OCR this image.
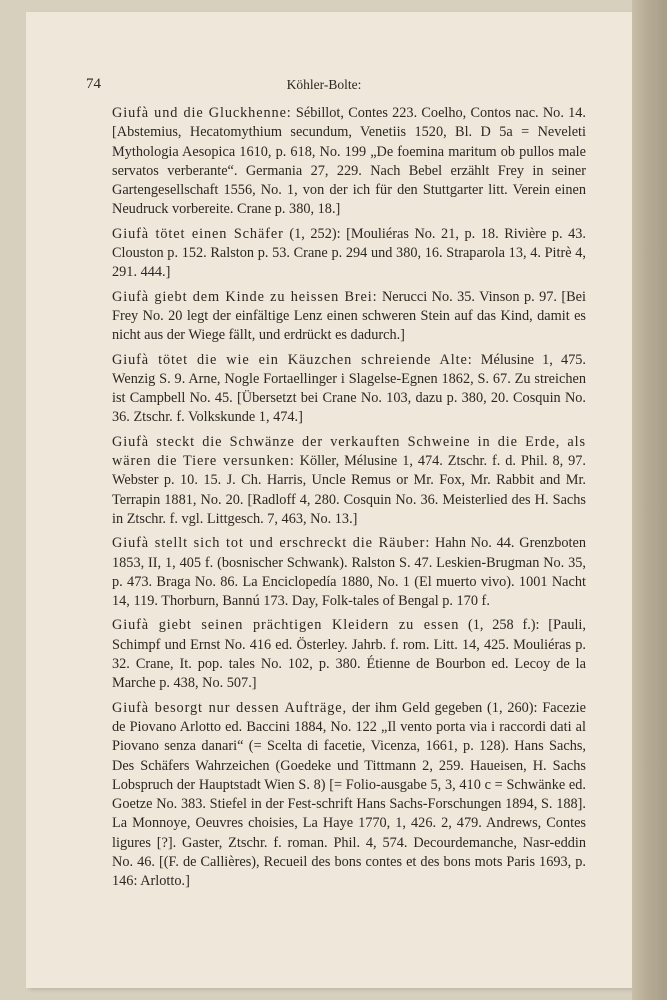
74	Köhler-Bolte:

Giufà und die Gluckhenne: Sébillot, Contes 223. Coelho, Contos nac. No. 14. [Abstemius, Hecatomythium secundum, Venetiis 1520, Bl. D 5a = Neveleti Mythologia Aesopica 1610, p. 618, No. 199 „De foemina maritum ob pullos male servatos verberante“. Germania 27, 229. Nach Bebel erzählt Frey in seiner Gartengesellschaft 1556, No. 1, von der ich für den Stuttgarter litt. Verein einen Neudruck vorbereite. Crane p. 380, 18.]

Giufà tötet einen Schäfer (1, 252): [Mouliéras No. 21, p. 18. Rivière p. 43. Clouston p. 152. Ralston p. 53. Crane p. 294 und 380, 16. Straparola 13, 4. Pitrè 4, 291. 444.]

Giufà giebt dem Kinde zu heissen Brei: Nerucci No. 35. Vinson p. 97. [Bei Frey No. 20 legt der einfältige Lenz einen schweren Stein auf das Kind, damit es nicht aus der Wiege fällt, und erdrückt es dadurch.]

Giufà tötet die wie ein Käuzchen schreiende Alte: Mélusine 1, 475. Wenzig S. 9. Arne, Nogle Fortaellinger i Slagelse-Egnen 1862, S. 67. Zu streichen ist Campbell No. 45. [Übersetzt bei Crane No. 103, dazu p. 380, 20. Cosquin No. 36. Ztschr. f. Volkskunde 1, 474.]

Giufà steckt die Schwänze der verkauften Schweine in die Erde, als wären die Tiere versunken: Köller, Mélusine 1, 474. Ztschr. f. d. Phil. 8, 97. Webster p. 10. 15. J. Ch. Harris, Uncle Remus or Mr. Fox, Mr. Rabbit and Mr. Terrapin 1881, No. 20. [Radloff 4, 280. Cosquin No. 36. Meisterlied des H. Sachs in Ztschr. f. vgl. Littgesch. 7, 463, No. 13.]

Giufà stellt sich tot und erschreckt die Räuber: Hahn No. 44. Grenzboten 1853, II, 1, 405 f. (bosnischer Schwank). Ralston S. 47. Leskien-Brugman No. 35, p. 473. Braga No. 86. La Enciclopedía 1880, No. 1 (El muerto vivo). 1001 Nacht 14, 119. Thorburn, Bannú 173. Day, Folk-tales of Bengal p. 170 f.

Giufà giebt seinen prächtigen Kleidern zu essen (1, 258 f.): [Pauli, Schimpf und Ernst No. 416 ed. Österley. Jahrb. f. rom. Litt. 14, 425. Mouliéras p. 32. Crane, It. pop. tales No. 102, p. 380. Étienne de Bourbon ed. Lecoy de la Marche p. 438, No. 507.]

Giufà besorgt nur dessen Aufträge, der ihm Geld gegeben (1, 260): Facezie de Piovano Arlotto ed. Baccini 1884, No. 122 „Il vento porta via i raccordi dati al Piovano senza danari“ (= Scelta di facetie, Vicenza, 1661, p. 128). Hans Sachs, Des Schäfers Wahrzeichen (Goedeke und Tittmann 2, 259. Haueisen, H. Sachs Lobspruch der Hauptstadt Wien S. 8) [= Folio-ausgabe 5, 3, 410 c = Schwänke ed. Goetze No. 383. Stiefel in der Fest-schrift Hans Sachs-Forschungen 1894, S. 188]. La Monnoye, Oeuvres choisies, La Haye 1770, 1, 426. 2, 479. Andrews, Contes ligures [?]. Gaster, Ztschr. f. roman. Phil. 4, 574. Decourdemanche, Nasr-eddin No. 46. [(F. de Callières), Recueil des bons contes et des bons mots Paris 1693, p. 146: Arlotto.]
